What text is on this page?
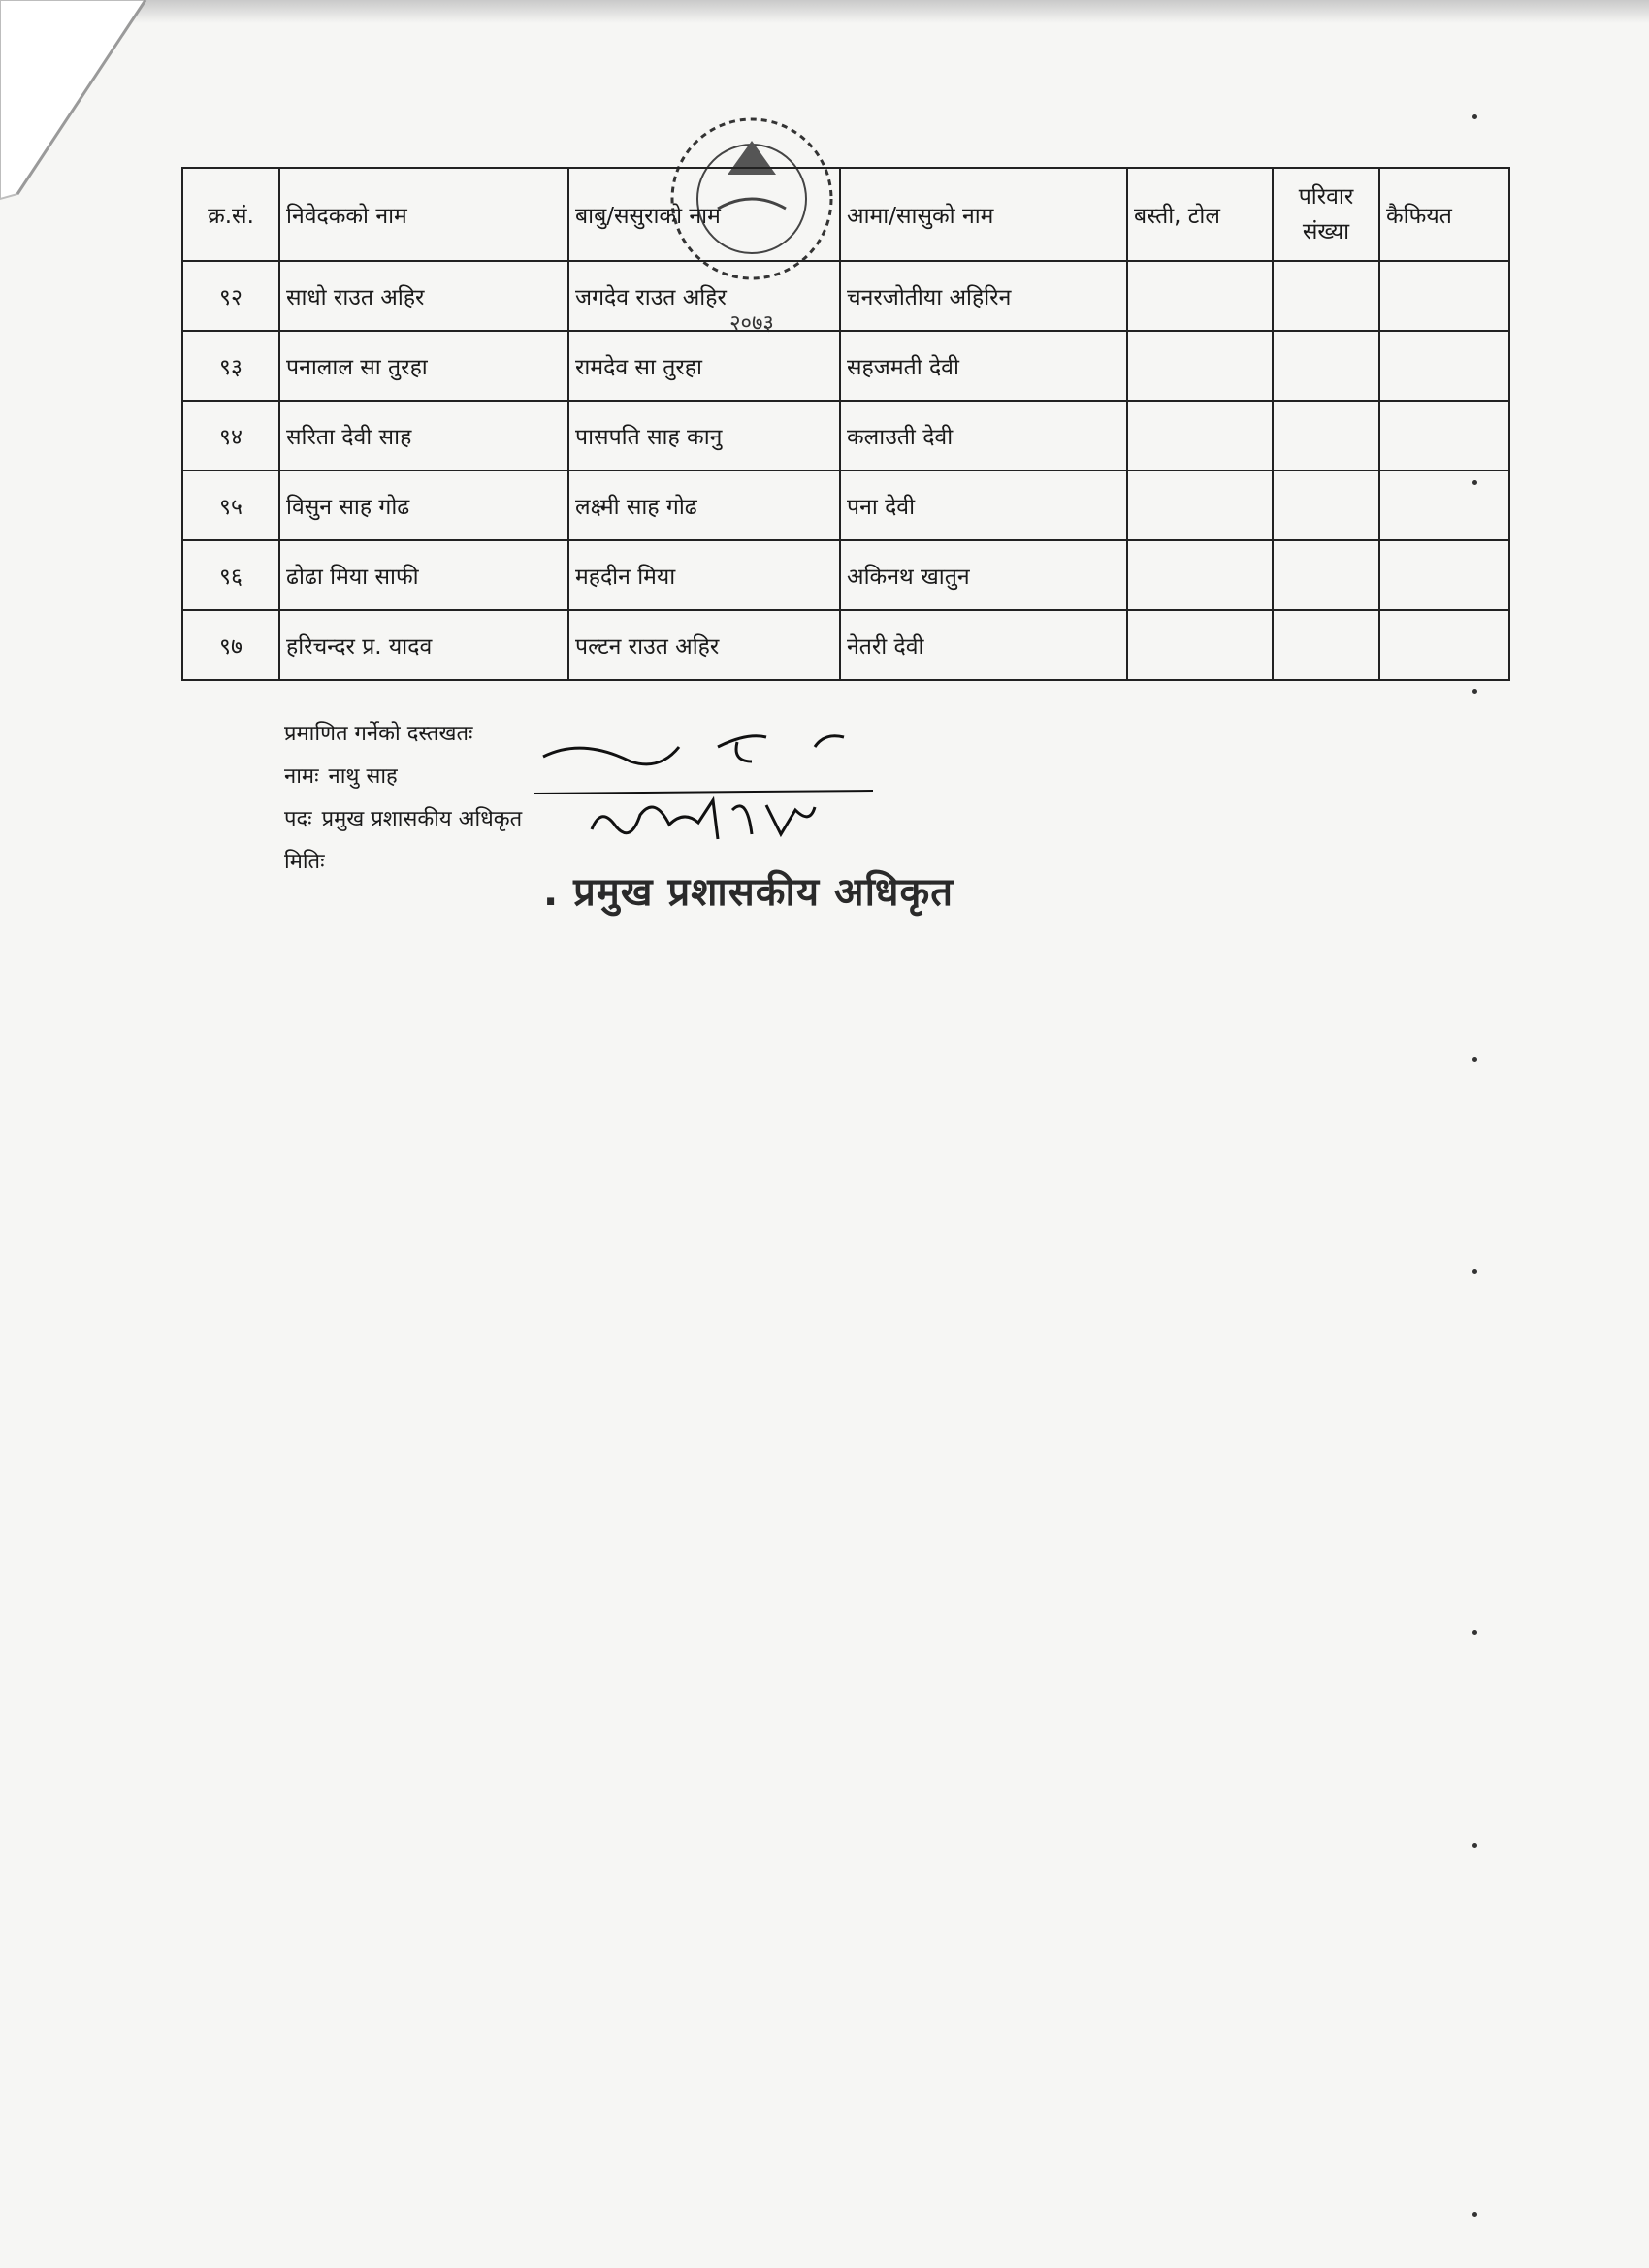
२०७३
क्र.सं.	निवेदकको नाम	बाबु/ससुराको नाम	आमा/सासुको नाम	बस्ती, टोल	परिवार संख्या	कैफियत
९२	साधो राउत अहिर	जगदेव राउत अहिर	चनरजोतीया अहिरिन			
९३	पनालाल सा तुरहा	रामदेव सा तुरहा	सहजमती देवी			
९४	सरिता देवी साह	पासपति साह कानु	कलाउती देवी			
९५	विसुन साह गोढ	लक्ष्मी साह गोढ	पना देवी			
९६	ढोढा मिया साफी	महदीन मिया	अकिनथ खातुन			
९७	हरिचन्दर प्र. यादव	पल्टन राउत अहिर	नेतरी देवी			
प्रमाणित गर्नेको दस्तखतः
नामः नाथु साह
पदः प्रमुख प्रशासकीय अधिकृत
मितिः
. प्रमुख प्रशासकीय अधिकृत
